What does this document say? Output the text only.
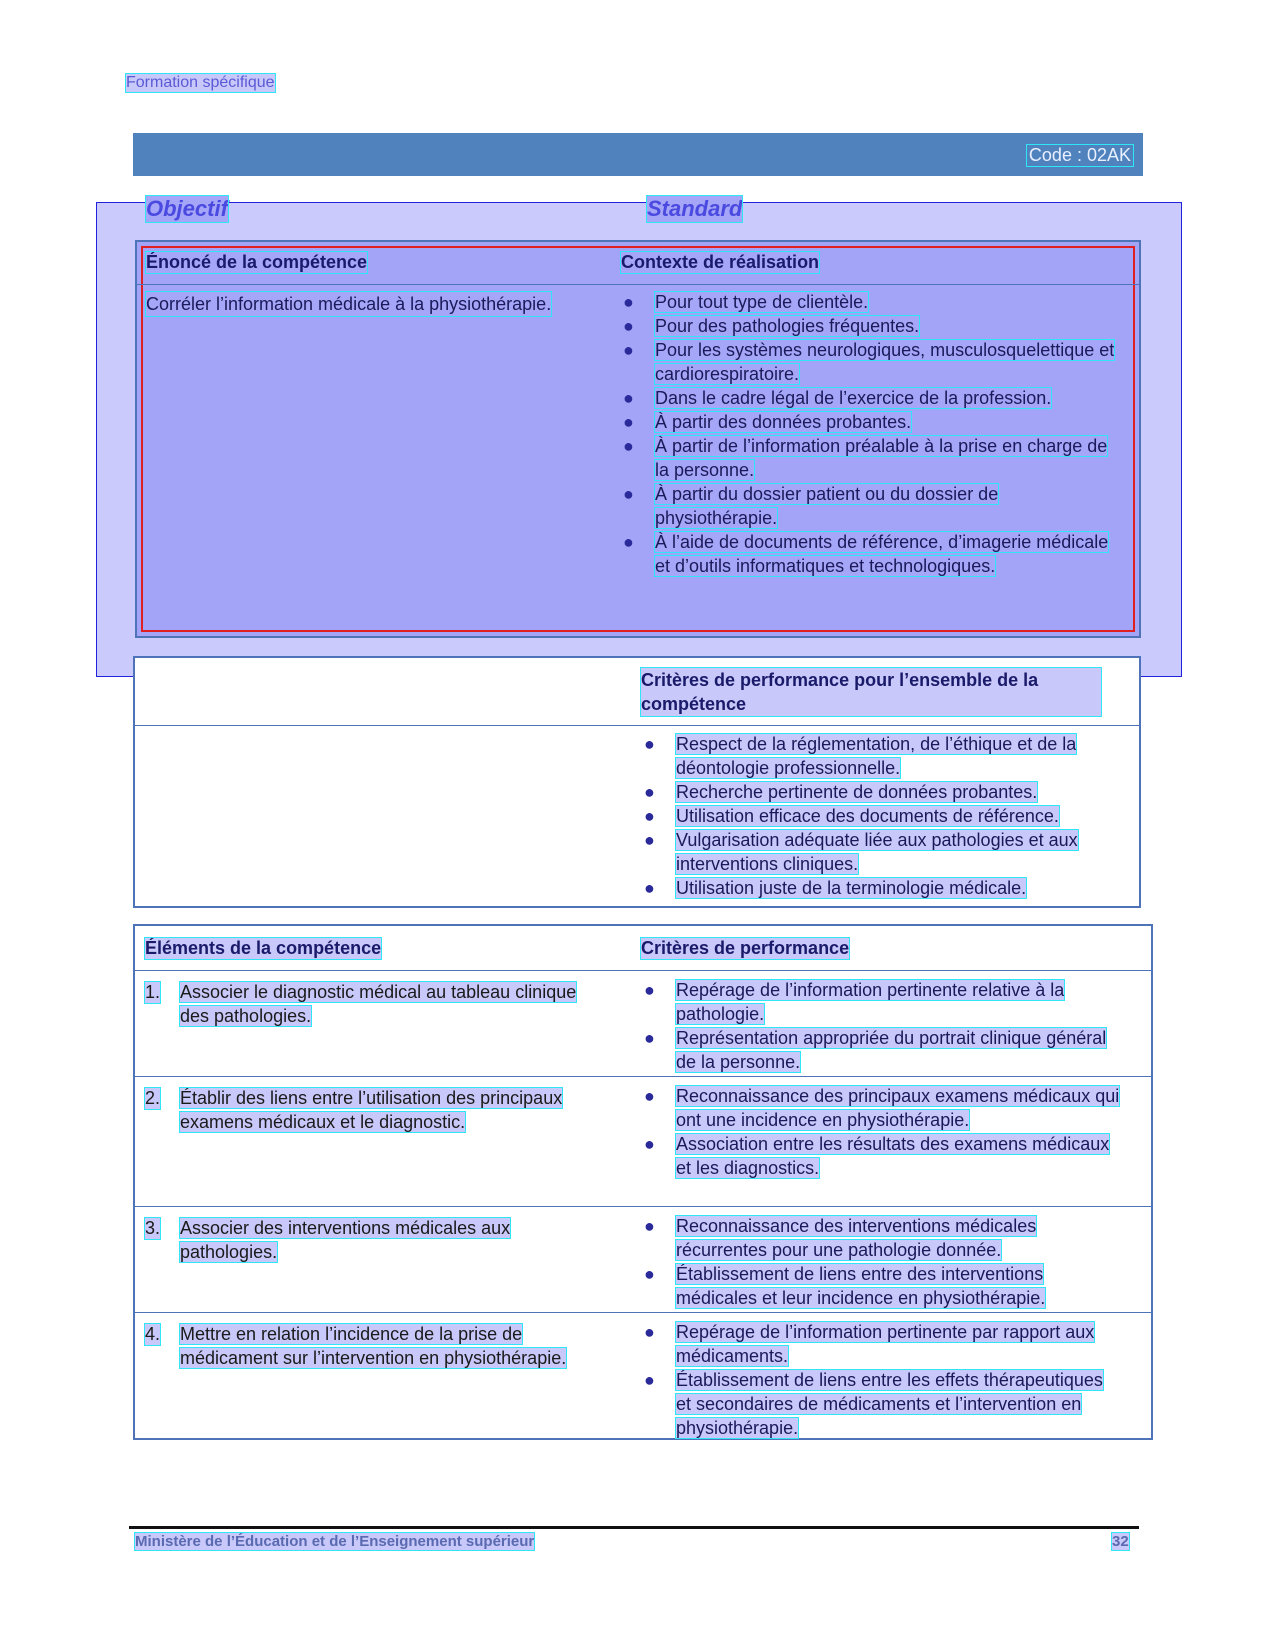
Formation spécifique
Code : 02AK
Objectif	Standard
Énoncé de la compétence	Contexte de réalisation
Corréler l’information médicale à la physiothérapie.	● Pour tout type de clientèle.
● Pour des pathologies fréquentes.
● Pour les systèmes neurologiques, musculosquelettique et cardiorespiratoire.
● Dans le cadre légal de l’exercice de la profession.
● À partir des données probantes.
● À partir de l’information préalable à la prise en charge de la personne.
● À partir du dossier patient ou du dossier de physiothérapie.
● À l’aide de documents de référence, d’imagerie médicale et d’outils informatiques et technologiques.
Critères de performance pour l’ensemble de la compétence
● Respect de la réglementation, de l’éthique et de la déontologie professionnelle.
● Recherche pertinente de données probantes.
● Utilisation efficace des documents de référence.
● Vulgarisation adéquate liée aux pathologies et aux interventions cliniques.
● Utilisation juste de la terminologie médicale.
Éléments de la compétence	Critères de performance
1. Associer le diagnostic médical au tableau clinique des pathologies.
● Repérage de l’information pertinente relative à la pathologie.
● Représentation appropriée du portrait clinique général de la personne.
2. Établir des liens entre l’utilisation des principaux examens médicaux et le diagnostic.
● Reconnaissance des principaux examens médicaux qui ont une incidence en physiothérapie.
● Association entre les résultats des examens médicaux et les diagnostics.
3. Associer des interventions médicales aux pathologies.
● Reconnaissance des interventions médicales récurrentes pour une pathologie donnée.
● Établissement de liens entre des interventions médicales et leur incidence en physiothérapie.
4. Mettre en relation l’incidence de la prise de médicament sur l’intervention en physiothérapie.
● Repérage de l’information pertinente par rapport aux médicaments.
● Établissement de liens entre les effets thérapeutiques et secondaires de médicaments et l’intervention en physiothérapie.
Ministère de l’Éducation et de l’Enseignement supérieur	32
